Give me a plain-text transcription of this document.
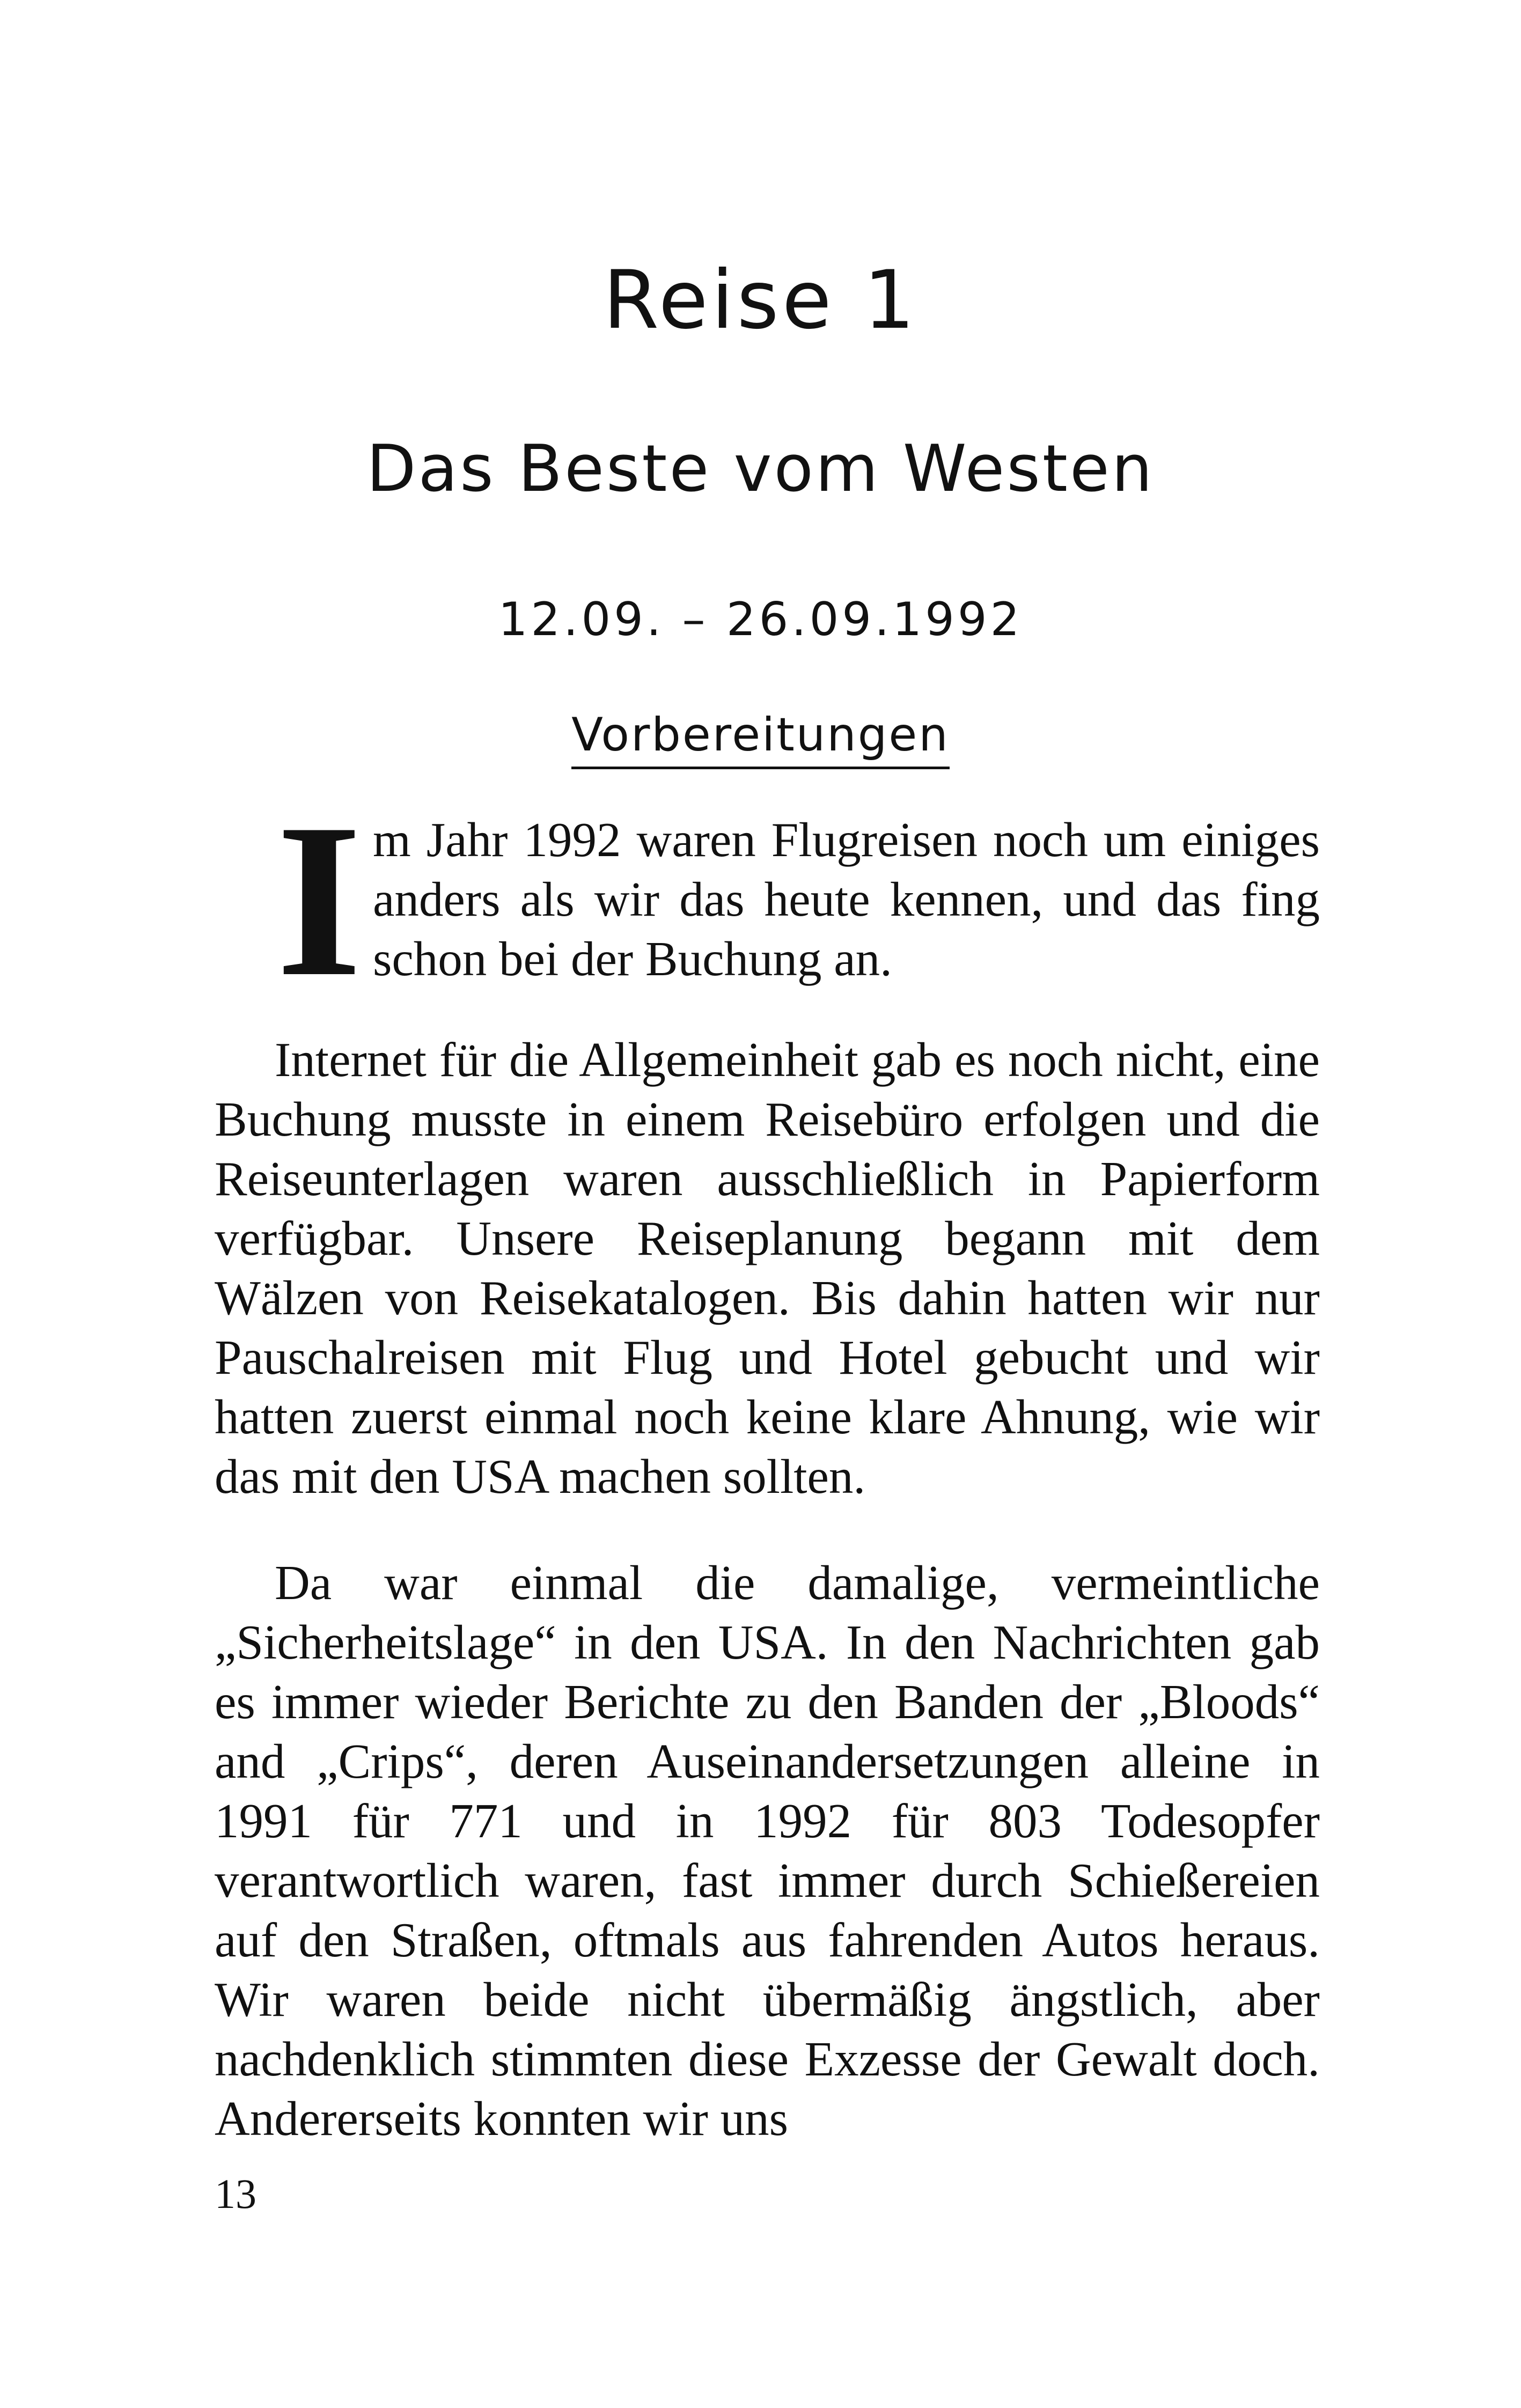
Reise 1
Das Beste vom Westen
12.09. – 26.09.1992
Vorbereitungen
I m Jahr 1992 waren Flugreisen noch um einiges anders als wir das heute kennen, und das fing schon bei der Buchung an.

Internet für die Allgemeinheit gab es noch nicht, eine Buchung musste in einem Reisebüro erfolgen und die Reiseunterlagen waren ausschließlich in Papierform verfügbar. Unsere Reiseplanung begann mit dem Wälzen von Reisekatalogen. Bis dahin hatten wir nur Pauschalreisen mit Flug und Hotel gebucht und wir hatten zuerst einmal noch keine klare Ahnung, wie wir das mit den USA machen sollten.

Da war einmal die damalige, vermeintliche „Sicherheitslage“ in den USA. In den Nachrichten gab es immer wieder Berichte zu den Banden der „Bloods“ and „Crips“, deren Auseinandersetzungen alleine in 1991 für 771 und in 1992 für 803 Todesopfer verantwortlich waren, fast immer durch Schießereien auf den Straßen, oftmals aus fahrenden Autos heraus. Wir waren beide nicht übermäßig ängstlich, aber nachdenklich stimmten diese Exzesse der Gewalt doch. Andererseits konnten wir uns

13
